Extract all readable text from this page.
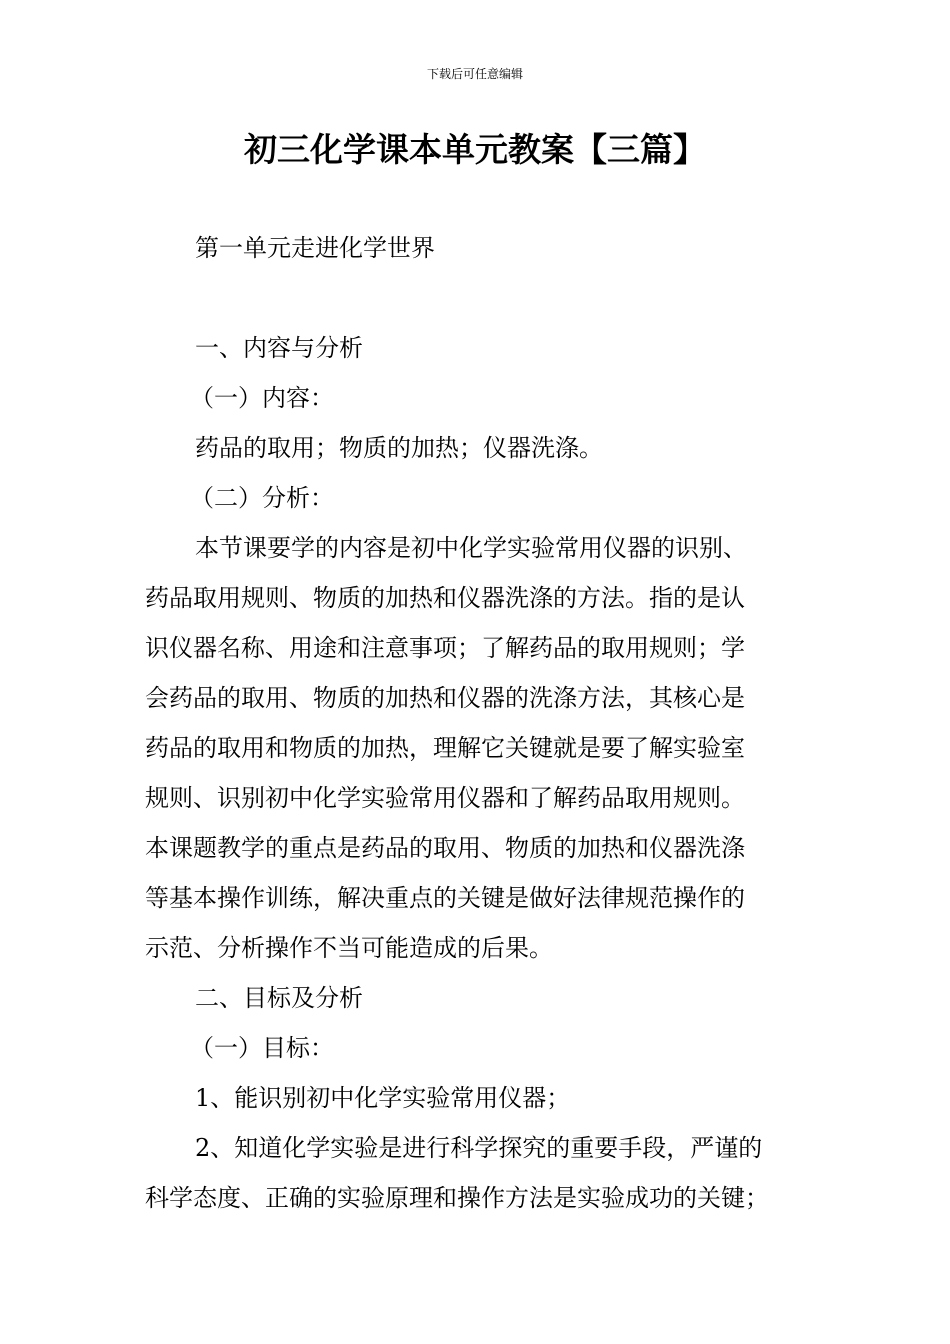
下载后可任意编辑
初三化学课本单元教案【三篇】

第一单元走进化学世界

一、内容与分析

（一）内容：

药品的取用；物质的加热；仪器洗涤。

（二）分析：

本节课要学的内容是初中化学实验常用仪器的识别、

药品取用规则、物质的加热和仪器洗涤的方法。指的是认

识仪器名称、用途和注意事项；了解药品的取用规则；学

会药品的取用、物质的加热和仪器的洗涤方法，其核心是

药品的取用和物质的加热，理解它关键就是要了解实验室

规则、识别初中化学实验常用仪器和了解药品取用规则。

本课题教学的重点是药品的取用、物质的加热和仪器洗涤

等基本操作训练，解决重点的关键是做好法律规范操作的

示范、分析操作不当可能造成的后果。

二、目标及分析

（一）目标：

1、能识别初中化学实验常用仪器；

2、知道化学实验是进行科学探究的重要手段，严谨的

科学态度、正确的实验原理和操作方法是实验成功的关键；
